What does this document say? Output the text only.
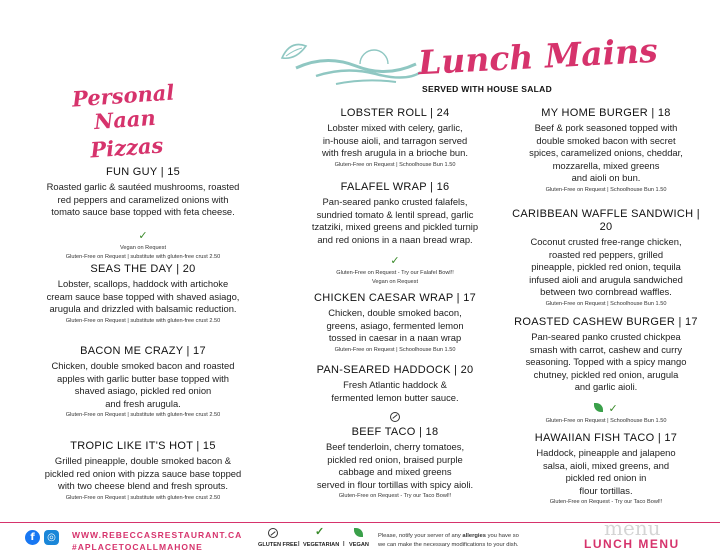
Personal Naan
Pizzas
Lunch Mains
SERVED WITH HOUSE SALAD
FUN GUY | 15
Roasted garlic & sautéed mushrooms, roasted
red peppers and caramelized onions with
tomato sauce base topped with feta cheese.
✓
Vegan on Request
Gluten-Free on Request | substitute with gluten-free crust 2.50
SEAS THE DAY | 20
Lobster, scallops, haddock with artichoke
cream sauce base topped with shaved asiago,
arugula and drizzled with balsamic reduction.
Gluten-Free on Request | substitute with gluten-free crust 2.50
BACON ME CRAZY | 17
Chicken, double smoked bacon and roasted
apples with garlic butter base topped with
shaved asiago, pickled red onion
and fresh arugula.
Gluten-Free on Request | substitute with gluten-free crust 2.50
TROPIC LIKE IT'S HOT | 15
Grilled pineapple, double smoked bacon &
pickled red onion with pizza sauce base topped
with two cheese blend and fresh sprouts.
Gluten-Free on Request | substitute with gluten-free crust 2.50
LOBSTER ROLL | 24
Lobster mixed with celery, garlic,
in-house aioli, and tarragon served
with fresh arugula in a brioche bun.
Gluten-Free on Request | Schoolhouse Bun 1.50
FALAFEL WRAP | 16
Pan-seared panko crusted falafels,
sundried tomato & lentil spread, garlic
tzatziki, mixed greens and pickled turnip
and red onions in a naan bread wrap.
✓
Gluten-Free on Request - Try our Falafel Bowl!!
Vegan on Request
CHICKEN CAESAR WRAP | 17
Chicken, double smoked bacon,
greens, asiago, fermented lemon
tossed in caesar in a naan wrap
Gluten-Free on Request | Schoolhouse Bun 1.50
PAN-SEARED HADDOCK | 20
Fresh Atlantic haddock &
fermented lemon butter sauce.
BEEF TACO | 18
Beef tenderloin, cherry tomatoes,
pickled red onion, braised purple
cabbage and mixed greens
served in flour tortillas with spicy aioli.
Gluten-Free on Request - Try our Taco Bowl!!
MY HOME BURGER | 18
Beef & pork seasoned topped with
double smoked bacon with secret
spices, caramelized onions, cheddar,
mozzarella, mixed greens
and aioli on bun.
Gluten-Free on Request | Schoolhouse Bun 1.50
CARIBBEAN WAFFLE SANDWICH | 20
Coconut crusted free-range chicken,
roasted red peppers, grilled
pineapple, pickled red onion, tequila
infused aioli and arugula sandwiched
between two cornbread waffles.
Gluten-Free on Request | Schoolhouse Bun 1.50
ROASTED CASHEW BURGER | 17
Pan-seared panko crusted chickpea
smash with carrot, cashew and curry
seasoning. Topped with a spicy mango
chutney, pickled red onion, arugula
and garlic aioli.
✓
Gluten-Free on Request | Schoolhouse Bun 1.50
HAWAIIAN FISH TACO | 17
Haddock, pineapple and jalapeno
salsa, aioli, mixed greens, and
pickled red onion in
flour tortillas.
Gluten-Free on Request - Try our Taco Bowl!!
f	◎	WWW.REBECCASRESTAURANT.CA
#APLACETOCALLMAHONE
✓
GLUTEN FREE | VEGETARIAN | VEGAN
Please, notify your server of any allergies you have so
we can make the necessary modifications to your dish.
menu
LUNCH MENU
